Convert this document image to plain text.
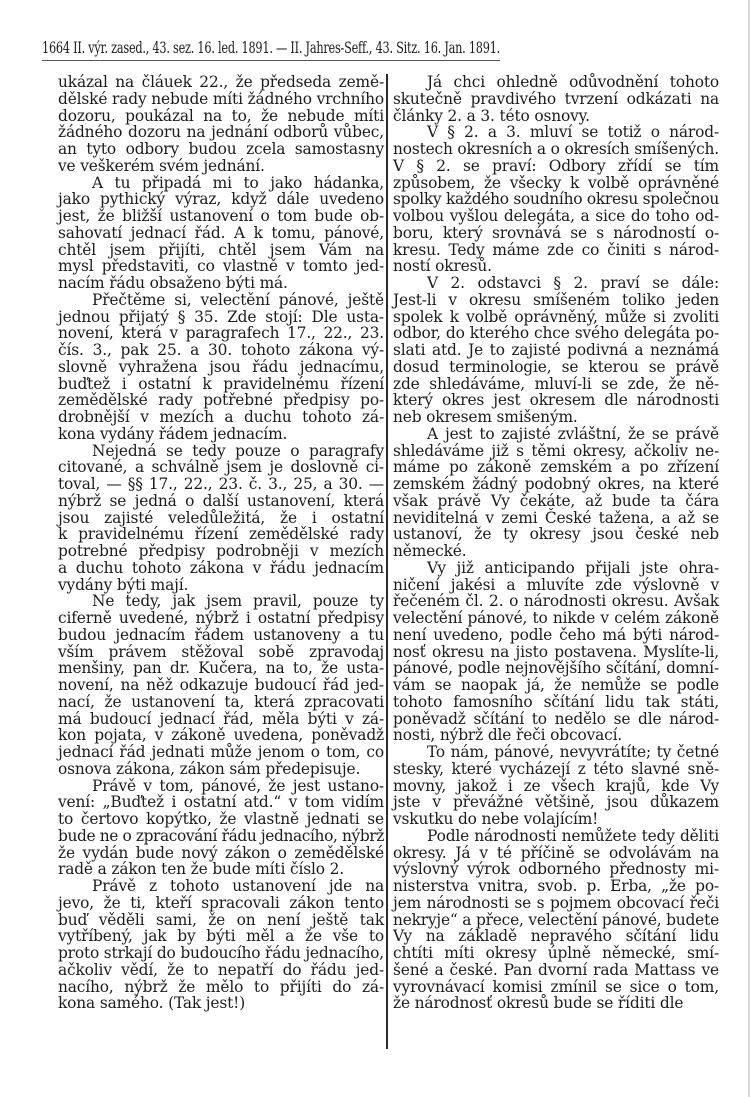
1664 II. výr. zased., 43. sez. 16. led. 1891. — II. Jahres-Seff., 43. Sitz. 16. Jan. 1891.

ukázal na čláuek 22., že předseda země-
dělské rady nebude míti žádného vrchního
dozoru, poukázal na to, že nebude míti
žádného dozoru na jednání odborů vůbec,
an tyto odbory budou zcela samostasny
ve veškerém svém jednání.

A tu připadá mi to jako hádanka,
jako pythický výraz, když dále uvedeno
jest, že bližší ustanovení o tom bude ob-
sahovatí jednací řád. A k tomu, pánové,
chtěl jsem přijíti, chtěl jsem Vám na
mysl představiti, co vlastně v tomto jed-
nacím řádu obsaženo býti má.

Přečtěme si, velectění pánové, ještě
jednou přijatý § 35. Zde stojí: Dle usta-
novení, která v paragrafech 17., 22., 23.
čís. 3., pak 25. a 30. tohoto zákona vý-
slovně vyhražena jsou řádu jednacímu,
buďtež i ostatní k pravidelnému řízení
zemědělské rady potřebné předpisy po-
drobnější v mezích a duchu tohoto zá-
kona vydány řádem jednacím.

Nejedná se tedy pouze o paragrafy
citované, a schválně jsem je doslovně ci-
toval, — §§ 17., 22., 23. č. 3., 25, a 30. —
nýbrž se jedná o další ustanovení, která
jsou zajisté veledůležitá, že i ostatní
k pravidelnému řízení zemědělské rady
potrebné předpisy podrobněji v mezích
a duchu tohoto zákona v řádu jednacím
vydány býti mají.

Ne tedy, jak jsem pravil, pouze ty
ciferně uvedené, nýbrž i ostatní předpisy
budou jednacím řádem ustanoveny a tu
vším právem stěžoval sobě zpravodaj
menšiny, pan dr. Kučera, na to, že usta-
novení, na něž odkazuje budoucí řád jed-
nací, že ustanovení ta, která zpracovati
má budoucí jednací řád, měla býti v zá-
kon pojata, v zákoně uvedena, poněvadž
jednací řád jednati může jenom o tom, co
osnova zákona, zákon sám předepisuje.

Právě v tom, pánové, že jest ustano-
vení: „Buďtež i ostatní atd.“ v tom vidím
to čertovo kopýtko, že vlastně jednati se
bude ne o zpracování řádu jednacího, nýbrž
že vydán bude nový zákon o zemědělské
radě a zákon ten že bude míti číslo 2.

Právě z tohoto ustanovení jde na
jevo, že ti, kteří spracovali zákon tento
buď věděli sami, že on není ještě tak
vytříbený, jak by býti měl a že vše to
proto strkají do budoucího řádu jednacího,
ačkoliv vědí, že to nepatří do řádu jed-
nacího, nýbrž že mělo to přijíti do zá-
kona samého. (Tak jest!)

Já chci ohledně odůvodnění tohoto
skutečně pravdivého tvrzení odkázati na
články 2. a 3. této osnovy.

V § 2. a 3. mluví se totiž o národ-
nostech okresních a o okresích smíšených.
V § 2. se praví: Odbory zřídí se tím
způsobem, že všecky k volbě oprávněné
spolky každého soudního okresu společnou
volbou vyšlou delegáta, a sice do toho od-
boru, který srovnává se s národností o-
kresu. Tedy máme zde co činiti s národ-
ností okresů.

V 2. odstavci § 2. praví se dále:
Jest-li v okresu smíšeném toliko jeden
spolek k volbě oprávněný, může si zvoliti
odbor, do kterého chce svého delegáta po-
slati atd. Je to zajisté podivná a neznámá
dosud terminologie, se kterou se právě
zde shledáváme, mluví-li se zde, že ně-
který okres jest okresem dle národnosti
neb okresem smišeným.

A jest to zajisté zvláštní, že se právě
shledáváme již s těmi okresy, ačkoliv ne-
máme po zákoně zemském a po zřízení
zemském žádný podobný okres, na které
však právě Vy čekáte, až bude ta čára
neviditelná v zemi České tažena, a až se
ustanoví, že ty okresy jsou české neb
německé.

Vy již anticipando přijali jste ohra-
ničení jakési a mluvíte zde výslovně v
řečeném čl. 2. o národnosti okresu. Avšak
velectění pánové, to nikde v celém zákoně
není uvedeno, podle čeho má býti národ-
nosť okresu na jisto postavena. Myslíte-li,
pánové, podle nejnovějšího sčítání, domní-
vám se naopak já, že nemůže se podle
tohoto famosního sčítání lidu tak státi,
poněvadž sčítání to nedělo se dle národ-
nosti, nýbrž dle řeči obcovací.

To nám, pánové, nevyvrátíte; ty četné
stesky, které vycházejí z této slavné sně-
movny, jakož i ze všech krajů, kde Vy
jste v převážné většině, jsou důkazem
vskutku do nebe volajícím!

Podle národnosti nemůžete tedy děliti
okresy. Já v té příčině se odvolávám na
výslovný výrok odborného přednosty mi-
nisterstva vnitra, svob. p. Erba, „že po-
jem národnosti se s pojmem obcovací řeči
nekryje“ a přece, velectění pánové, budete
Vy na základě nepravého sčítání lidu
chtíti míti okresy úplně německé, smí-
šené a české. Pan dvorní rada Mattass ve
vyrovnávací komisi zmínil se sice o tom,
že národnosť okresů bude se říditi dle
